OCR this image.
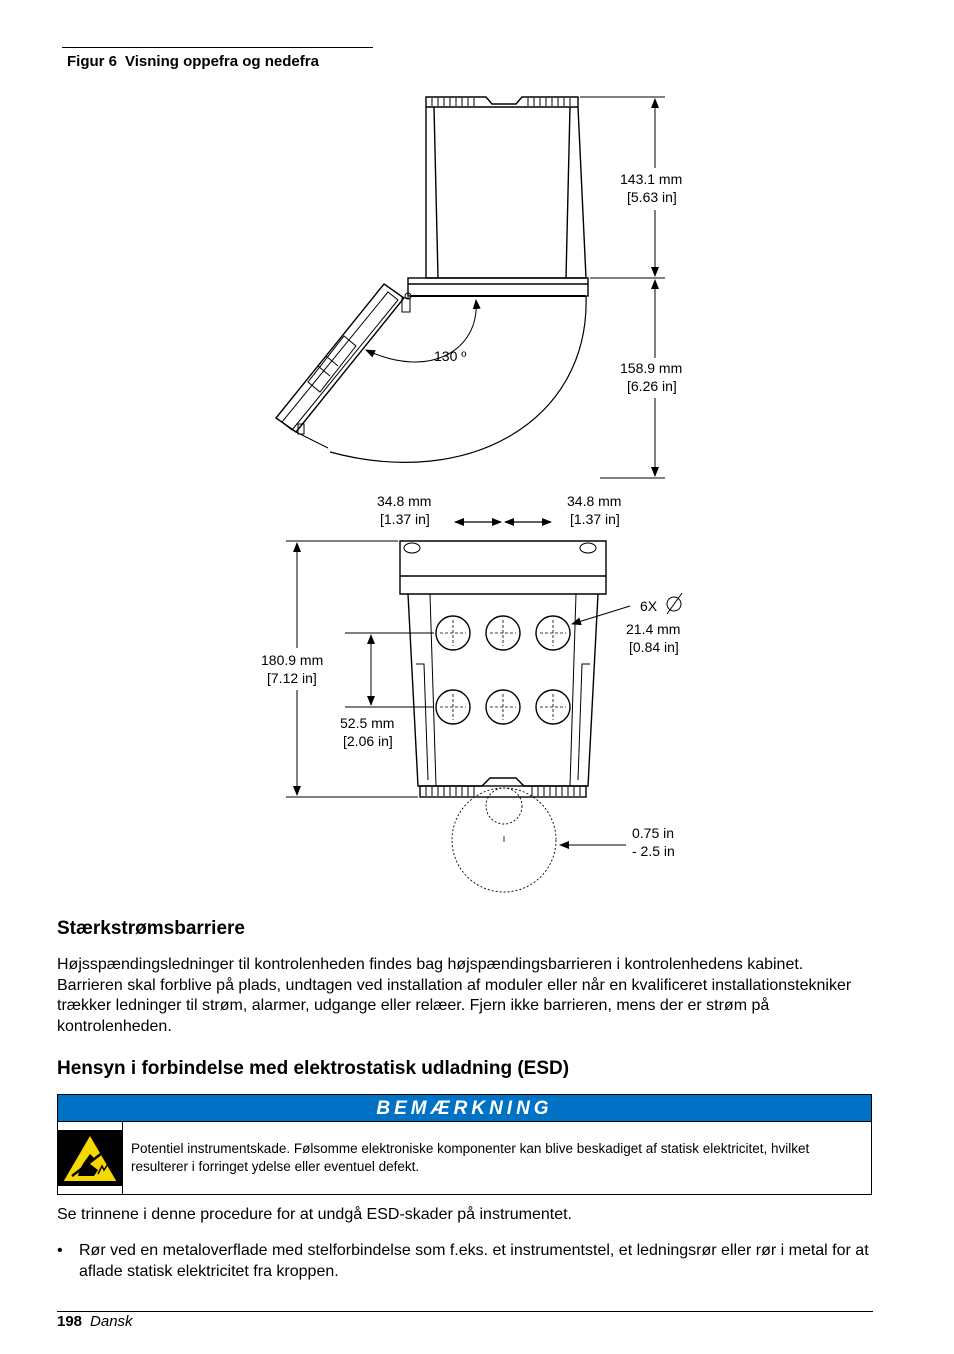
Figur 6 Visning oppefra og nedefra
130 º
143.1 mm
[5.63 in]
158.9 mm
[6.26 in]
34.8 mm
[1.37 in]
34.8 mm
[1.37 in]
6X
21.4 mm
[0.84 in]
180.9 mm
[7.12 in]
52.5 mm
[2.06 in]
0.75 in
- 2.5 in
Stærkstrømsbarriere
Højsspændingsledninger til kontrolenheden findes bag højspændingsbarrieren i kontrolenhedens kabinet. Barrieren skal forblive på plads, undtagen ved installation af moduler eller når en kvalificeret installationstekniker trækker ledninger til strøm, alarmer, udgange eller relæer. Fjern ikke barrieren, mens der er strøm på kontrolenheden.
Hensyn i forbindelse med elektrostatisk udladning (ESD)
BEMÆRKNING
Potentiel instrumentskade. Følsomme elektroniske komponenter kan blive beskadiget af statisk elektricitet, hvilket resulterer i forringet ydelse eller eventuel defekt.
Se trinnene i denne procedure for at undgå ESD-skader på instrumentet.
•	Rør ved en metaloverflade med stelforbindelse som f.eks. et instrumentstel, et ledningsrør eller rør i metal for at aflade statisk elektricitet fra kroppen.
198 Dansk
